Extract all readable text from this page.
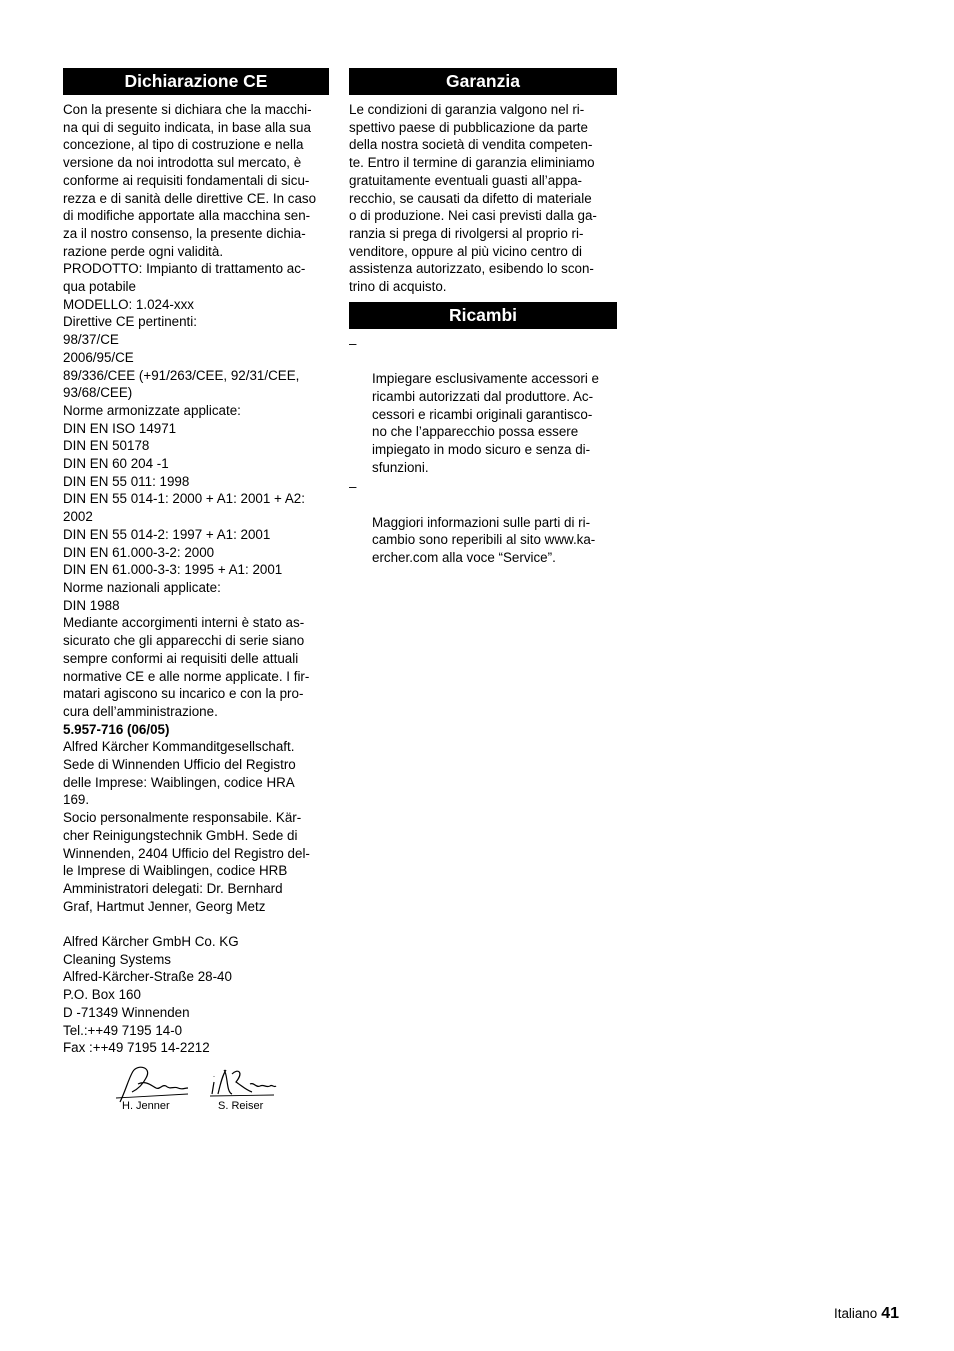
Dichiarazione CE

Con la presente si dichiara che la macchi-
na qui di seguito indicata, in base alla sua
concezione, al tipo di costruzione e nella
versione da noi introdotta sul mercato, è
conforme ai requisiti fondamentali di sicu-
rezza e di sanità delle direttive CE. In caso
di modifiche apportate alla macchina sen-
za il nostro consenso, la presente dichia-
razione perde ogni validità.

PRODOTTO: Impianto di trattamento ac-
qua potabile

MODELLO: 1.024-xxx

Direttive CE pertinenti:

98/37/CE

2006/95/CE

89/336/CEE (+91/263/CEE, 92/31/CEE,
93/68/CEE)

Norme armonizzate applicate:

DIN EN ISO 14971

DIN EN 50178

DIN EN 60 204 -1

DIN EN 55 011: 1998

DIN EN 55 014-1: 2000 + A1: 2001 + A2:
2002

DIN EN 55 014-2: 1997 + A1: 2001

DIN EN 61.000-3-2: 2000

DIN EN 61.000-3-3: 1995 + A1: 2001

Norme nazionali applicate:

DIN 1988

Mediante accorgimenti interni è stato as-
sicurato che gli apparecchi di serie siano
sempre conformi ai requisiti delle attuali
normative CE e alle norme applicate. I fir-
matari agiscono su incarico e con la pro-
cura dell’amministrazione.

5.957-716 (06/05)

Alfred Kärcher Kommanditgesellschaft.
Sede di Winnenden Ufficio del Registro
delle Imprese: Waiblingen, codice HRA
169.

Socio personalmente responsabile. Kär-
cher Reinigungstechnik GmbH. Sede di
Winnenden, 2404 Ufficio del Registro del-
le Imprese di Waiblingen, codice HRB
Amministratori delegati: Dr. Bernhard
Graf, Hartmut Jenner, Georg Metz

Alfred Kärcher GmbH Co. KG

Cleaning Systems

Alfred-Kärcher-Straße 28-40

P.O. Box 160

D -71349 Winnenden

Tel.:++49 7195 14-0

Fax :++49 7195 14-2212

H. Jenner	S. Reiser
Garanzia

Le condizioni di garanzia valgono nel ri-
spettivo paese di pubblicazione da parte
della nostra società di vendita competen-
te. Entro il termine di garanzia eliminiamo
gratuitamente eventuali guasti all’appa-
recchio, se causati da difetto di materiale
o di produzione. Nei casi previsti dalla ga-
ranzia si prega di rivolgersi al proprio ri-
venditore, oppure al più vicino centro di
assistenza autorizzato, esibendo lo scon-
trino di acquisto.

Ricambi

–

Impiegare esclusivamente accessori e
ricambi autorizzati dal produttore. Ac-
cessori e ricambi originali garantisco-
no che l’apparecchio possa essere
impiegato in modo sicuro e senza di-
sfunzioni.

–

Maggiori informazioni sulle parti di ri-
cambio sono reperibili al sito www.ka-
ercher.com alla voce “Service”.

Italiano 41
